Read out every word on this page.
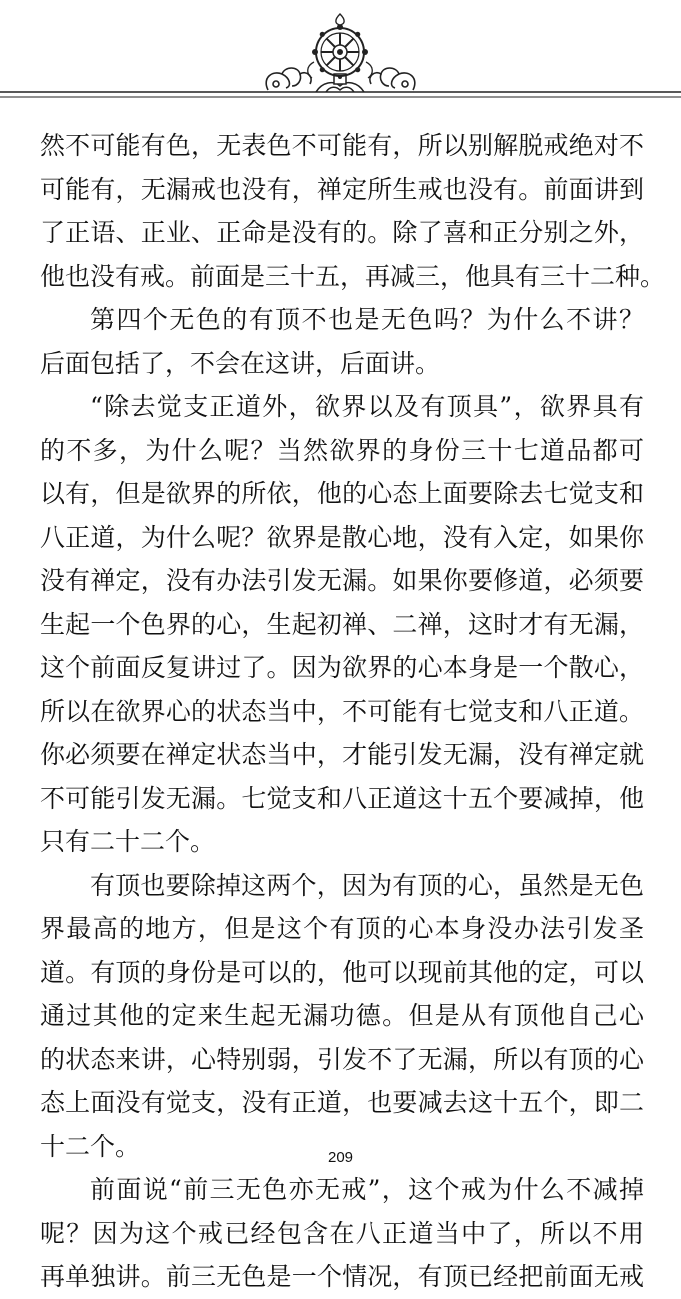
然不可能有色，无表色不可能有，所以别解脱戒绝对不
可能有，无漏戒也没有，禅定所生戒也没有。前面讲到
了正语、正业、正命是没有的。除了喜和正分别之外，
他也没有戒。前面是三十五，再减三，他具有三十二种。
第四个无色的有顶不也是无色吗？为什么不讲？
后面包括了，不会在这讲，后面讲。
“除去觉支正道外，欲界以及有顶具”，欲界具有
的不多，为什么呢？当然欲界的身份三十七道品都可
以有，但是欲界的所依，他的心态上面要除去七觉支和
八正道，为什么呢？欲界是散心地，没有入定，如果你
没有禅定，没有办法引发无漏。如果你要修道，必须要
生起一个色界的心，生起初禅、二禅，这时才有无漏，
这个前面反复讲过了。因为欲界的心本身是一个散心，
所以在欲界心的状态当中，不可能有七觉支和八正道。
你必须要在禅定状态当中，才能引发无漏，没有禅定就
不可能引发无漏。七觉支和八正道这十五个要减掉，他
只有二十二个。
有顶也要除掉这两个，因为有顶的心，虽然是无色
界最高的地方，但是这个有顶的心本身没办法引发圣
道。有顶的身份是可以的，他可以现前其他的定，可以
通过其他的定来生起无漏功德。但是从有顶他自己心
的状态来讲，心特别弱，引发不了无漏，所以有顶的心
态上面没有觉支，没有正道，也要减去这十五个，即二
十二个。
前面说“前三无色亦无戒”，这个戒为什么不减掉
呢？因为这个戒已经包含在八正道当中了，所以不用
再单独讲。前三无色是一个情况，有顶已经把前面无戒
209
